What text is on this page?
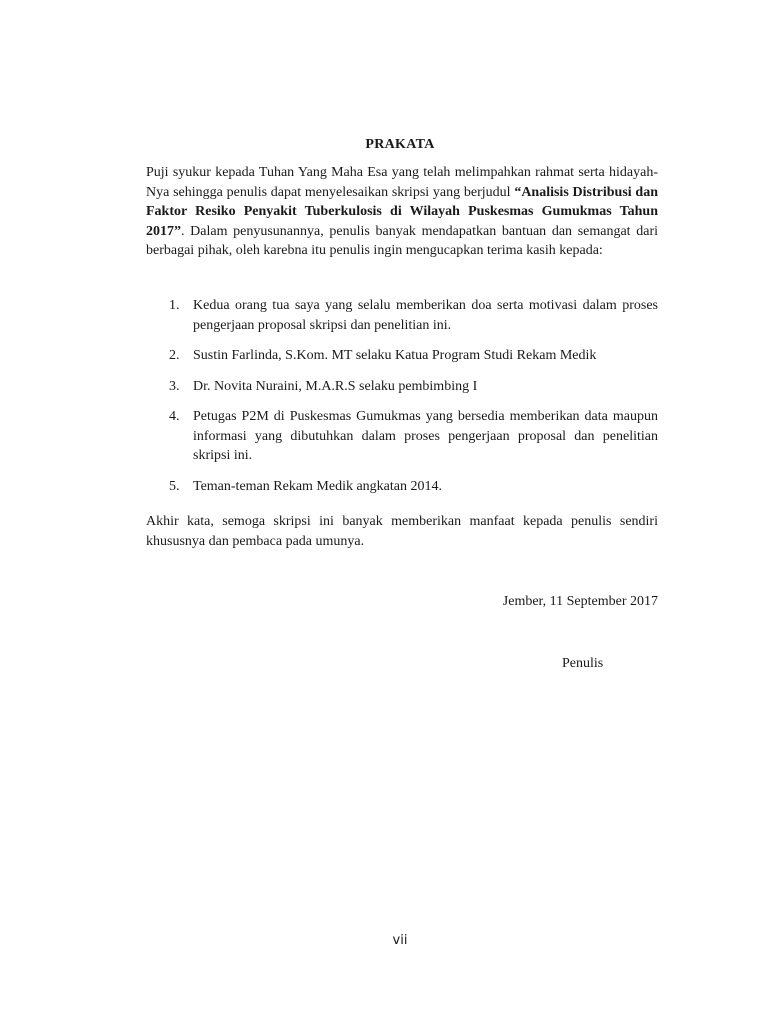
PRAKATA

Puji syukur kepada Tuhan Yang Maha Esa yang telah melimpahkan rahmat serta hidayah-Nya sehingga penulis dapat menyelesaikan skripsi yang berjudul “Analisis Distribusi dan Faktor Resiko Penyakit Tuberkulosis di Wilayah Puskesmas Gumukmas Tahun 2017”. Dalam penyusunannya, penulis banyak mendapatkan bantuan dan semangat dari berbagai pihak, oleh karebna itu penulis ingin mengucapkan terima kasih kepada:

1. Kedua orang tua saya yang selalu memberikan doa serta motivasi dalam proses pengerjaan proposal skripsi dan penelitian ini.
2. Sustin Farlinda, S.Kom. MT selaku Katua Program Studi Rekam Medik
3. Dr. Novita Nuraini, M.A.R.S selaku pembimbing I
4. Petugas P2M di Puskesmas Gumukmas yang bersedia memberikan data maupun informasi yang dibutuhkan dalam proses pengerjaan proposal dan penelitian skripsi ini.
5. Teman-teman Rekam Medik angkatan 2014.

Akhir kata, semoga skripsi ini banyak memberikan manfaat kepada penulis sendiri khususnya dan pembaca pada umunya.

Jember, 11 September 2017
Penulis
vii
